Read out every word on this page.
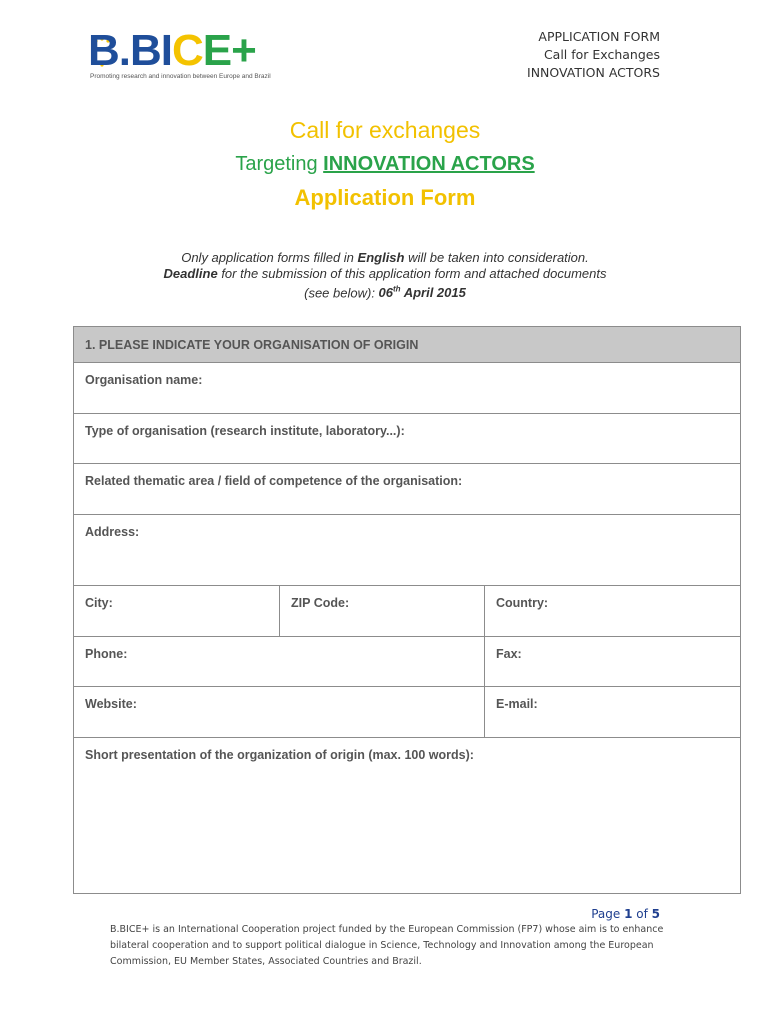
B.BICE+
Promoting research and innovation between Europe and Brazil
APPLICATION FORM
Call for Exchanges
INNOVATION ACTORS
Call for exchanges
Targeting INNOVATION ACTORS
Application Form
Only application forms filled in English will be taken into consideration.
Deadline for the submission of this application form and attached documents
(see below): 06th April 2015
1. PLEASE INDICATE YOUR ORGANISATION OF ORIGIN
Organisation name:
Type of organisation (research institute, laboratory...):
Related thematic area / field of competence of the organisation:
Address:
City:	ZIP Code:	Country:
Phone:	Fax:
Website:	E-mail:
Short presentation of the organization of origin (max. 100 words):
Page 1 of 5
B.BICE+ is an International Cooperation project funded by the European Commission (FP7) whose aim is to enhance bilateral cooperation and to support political dialogue in Science, Technology and Innovation among the European Commission, EU Member States, Associated Countries and Brazil.
